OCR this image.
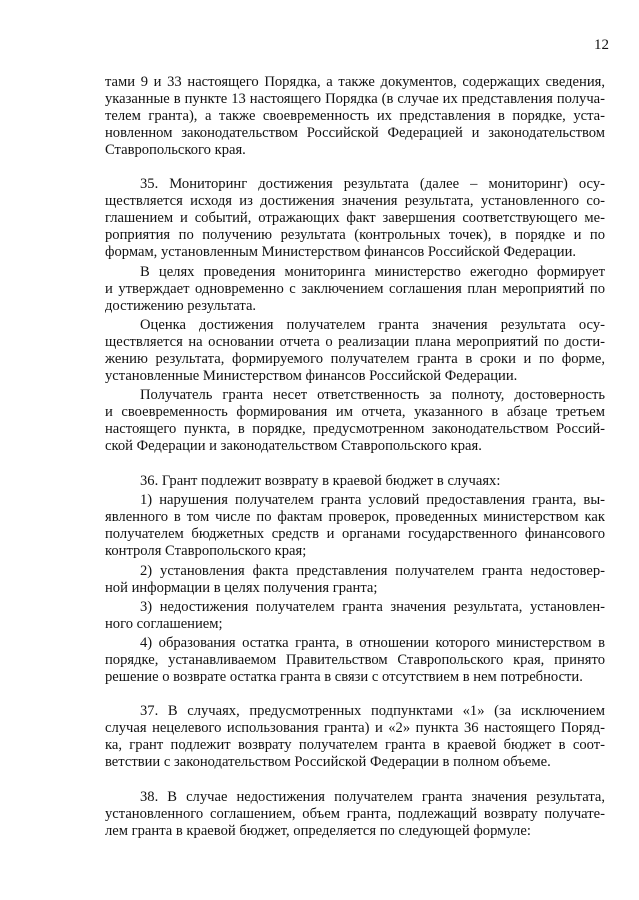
12
тами 9 и 33 настоящего Порядка, а также документов, содержащих сведения,
указанные в пункте 13 настоящего Порядка (в случае их представления получа-
телем гранта), а также своевременность их представления в порядке, уста-
новленном законодательством Российской Федерацией и законодательством
Ставропольского края.
35. Мониторинг достижения результата (далее – мониторинг) осу-
ществляется исходя из достижения значения результата, установленного со-
глашением и событий, отражающих факт завершения соответствующего ме-
роприятия по получению результата (контрольных точек), в порядке и по
формам, установленным Министерством финансов Российской Федерации.
В целях проведения мониторинга министерство ежегодно формирует
и утверждает одновременно с заключением соглашения план мероприятий по
достижению результата.
Оценка достижения получателем гранта значения результата осу-
ществляется на основании отчета о реализации плана мероприятий по дости-
жению результата, формируемого получателем гранта в сроки и по форме,
установленные Министерством финансов Российской Федерации.
Получатель гранта несет ответственность за полноту, достоверность
и своевременность формирования им отчета, указанного в абзаце третьем
настоящего пункта, в порядке, предусмотренном законодательством Россий-
ской Федерации и законодательством Ставропольского края.
36. Грант подлежит возврату в краевой бюджет в случаях:
1) нарушения получателем гранта условий предоставления гранта, вы-
явленного в том числе по фактам проверок, проведенных министерством как
получателем бюджетных средств и органами государственного финансового
контроля Ставропольского края;
2) установления факта представления получателем гранта недостовер-
ной информации в целях получения гранта;
3) недостижения получателем гранта значения результата, установлен-
ного соглашением;
4) образования остатка гранта, в отношении которого министерством в
порядке, устанавливаемом Правительством Ставропольского края, принято
решение о возврате остатка гранта в связи с отсутствием в нем потребности.
37. В случаях, предусмотренных подпунктами «1» (за исключением
случая нецелевого использования гранта) и «2» пункта 36 настоящего Поряд-
ка, грант подлежит возврату получателем гранта в краевой бюджет в соот-
ветствии с законодательством Российской Федерации в полном объеме.
38. В случае недостижения получателем гранта значения результата,
установленного соглашением, объем гранта, подлежащий возврату получате-
лем гранта в краевой бюджет, определяется по следующей формуле:
